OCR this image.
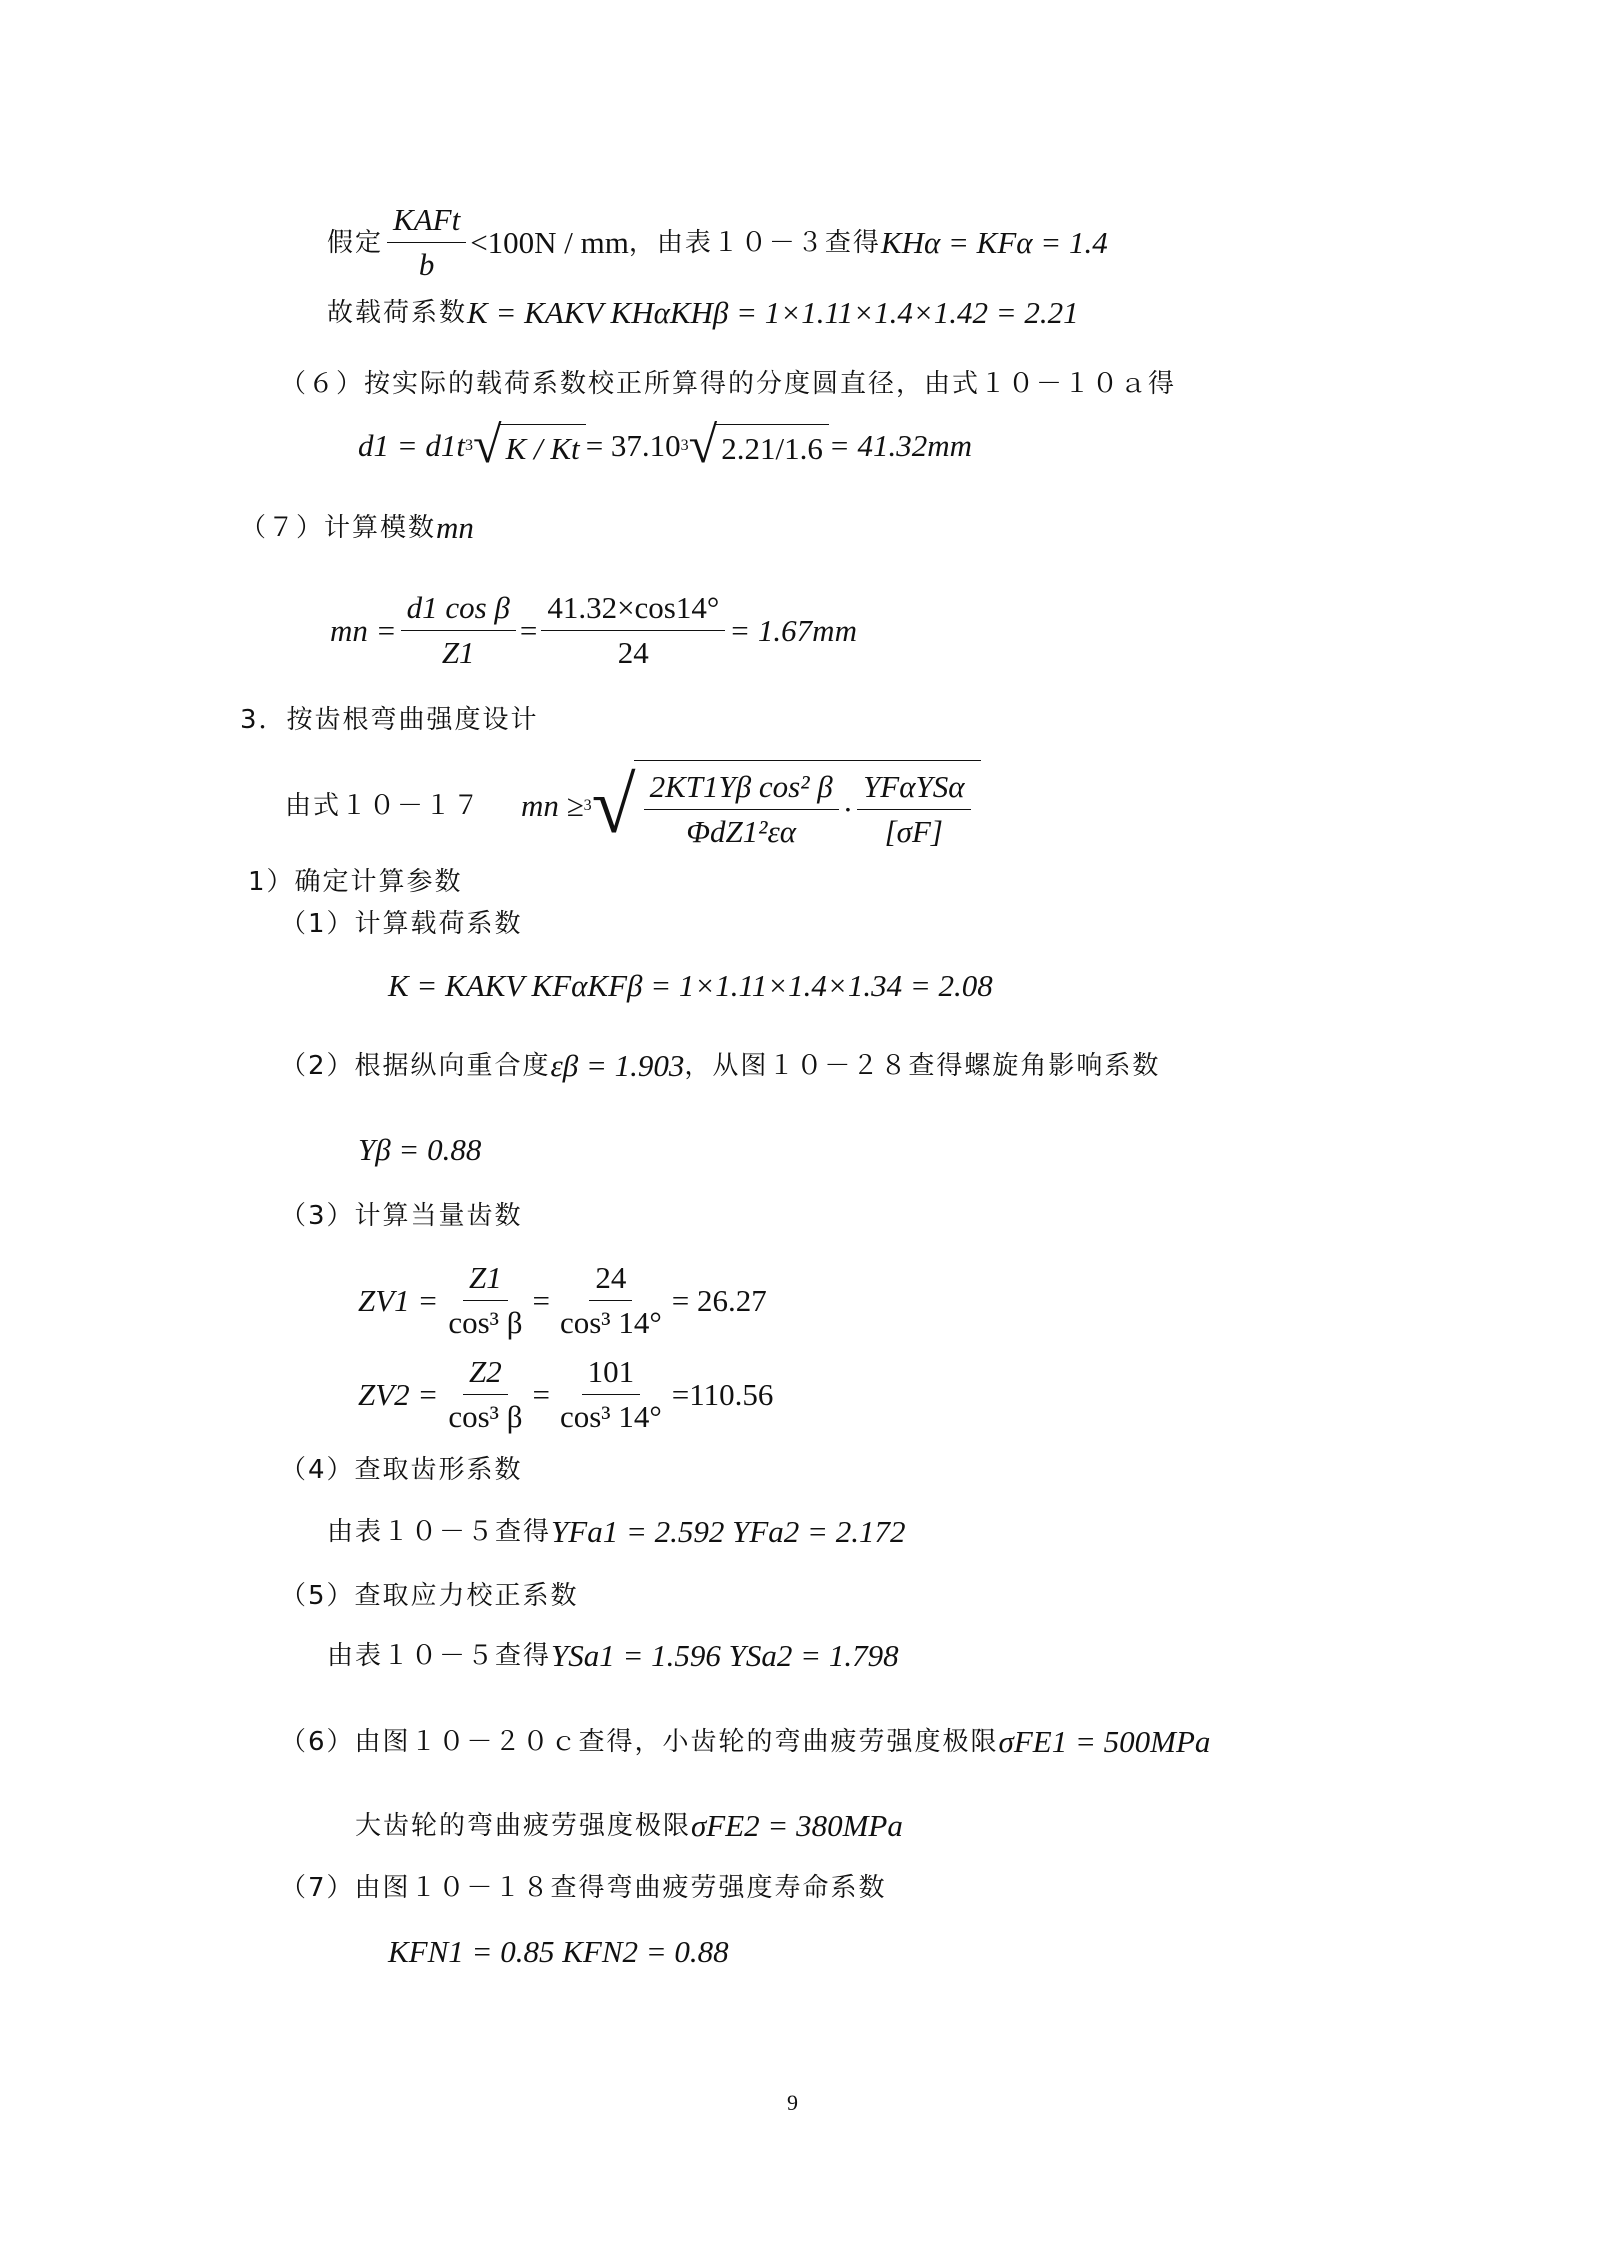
假定 $\frac{\text{KAFt}}{b} <100N$ / mm ，由表１０－３查得 KHα = KFα = 1.4
故载荷系数 K = KAKV KHαKHβ = 1×1.11×1.4×1.42 = 2.21
（６）按实际的载荷系数校正所算得的分度圆直径，由式１０－１０ａ得
d1 = d1t 3 √ K / Kt = 37.10 3 √ 2.21/1.6 = 41.32mm
（７）计算模数 mn
mn = $\frac{\text{d1 cos β}}{Z1} = \frac{41.32\times\cos 14^\circ}{24} = 1.67mm$
3．按齿根弯曲强度设计
由式１０－１７ mn ≥ 3 √ $\frac{\text{2KT1Yβ cos² β}}{\text{ΦdZ1²εα}} \cdot \frac{\text{YFαYSα}}{[\sigma F]}$
1）确定计算参数
（1）计算载荷系数
K = KAKV KFαKFβ = 1×1.11×1.4×1.34 = 2.08
（2）根据纵向重合度 εβ = 1.903 ，从图１０－２８查得螺旋角影响系数
Yβ = 0.88
（3）计算当量齿数
$ZV1 = \frac{Z1}{\text{cos³ β}} = \frac{24}{\text{cos³ 14°}} = 26.27$
$ZV2 = \frac{Z2}{\text{cos³ β}} = \frac{101}{\text{cos³ 14°}} =110.56$
（4）查取齿形系数
由表１０－５查得 YFa1 = 2.592 YFa2 = 2.172
（5）查取应力校正系数
由表１０－５查得 YSa1 = 1.596 YSa2 = 1.798
（6）由图１０－２０ｃ查得，小齿轮的弯曲疲劳强度极限 σFE1 = 500MPa
大齿轮的弯曲疲劳强度极限 σFE2 = 380MPa
（7）由图１０－１８查得弯曲疲劳强度寿命系数
KFN1 = 0.85 KFN2 = 0.88
9
